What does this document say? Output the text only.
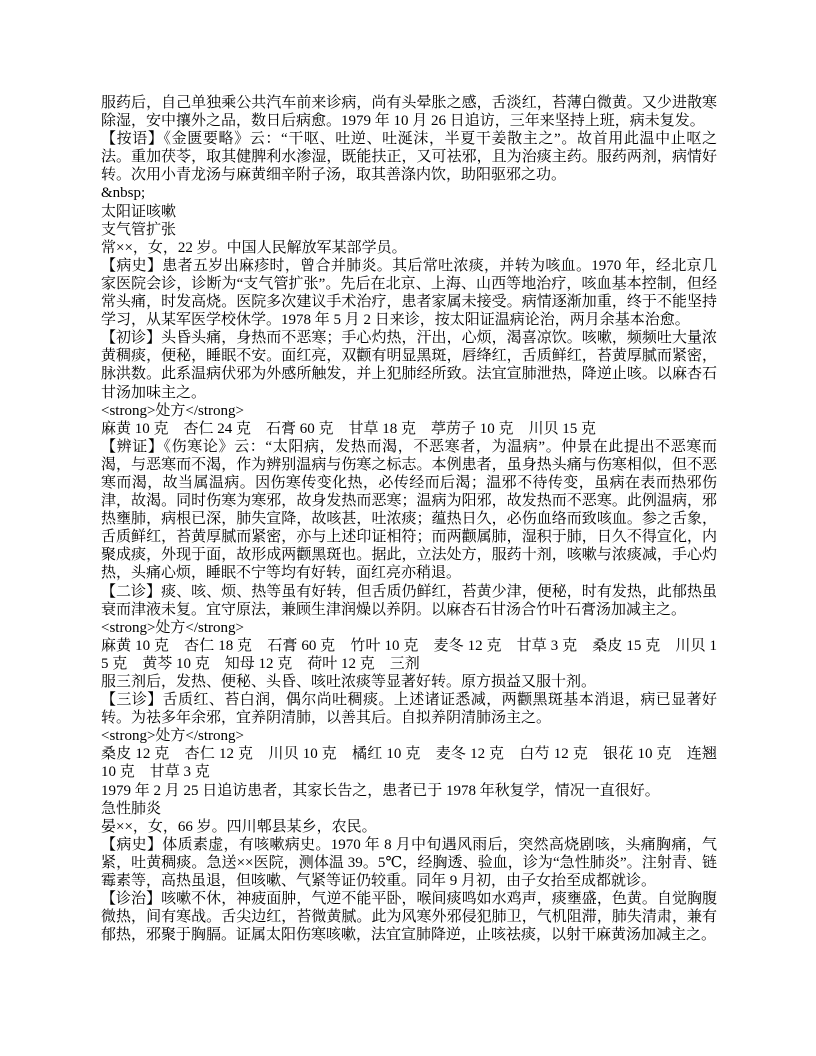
服药后，自己单独乘公共汽车前来诊病，尚有头晕胀之感，舌淡红，苔薄白微黄。又少进散寒除湿，安中攘外之品，数日后病愈。1979 年 10 月 26 日追访，三年来坚持上班，病未复发。

【按语】《金匮要略》云：“干呕、吐逆、吐涎沫，半夏干姜散主之”。故首用此温中止呕之法。重加茯苓，取其健脾利水渗湿，既能扶正，又可祛邪，且为治痰主药。服药两剂，病情好转。次用小青龙汤与麻黄细辛附子汤，取其善涤内饮，助阳驱邪之功。

&nbsp;

太阳证咳嗽

支气管扩张

常××，女，22 岁。中国人民解放军某部学员。

【病史】患者五岁出麻疹时，曾合并肺炎。其后常吐浓痰，并转为咳血。1970 年，经北京几家医院会诊，诊断为“支气管扩张”。先后在北京、上海、山西等地治疗，咳血基本控制，但经常头痛，时发高烧。医院多次建议手术治疗，患者家属未接受。病情逐渐加重，终于不能坚持学习，从某军医学校休学。1978 年 5 月 2 日来诊，按太阳证温病论治，两月余基本治愈。

【初诊】头昏头痛，身热而不恶寒；手心灼热，汗出，心烦，渴喜凉饮。咳嗽，频频吐大量浓黄稠痰，便秘，睡眠不安。面红亮，双颧有明显黑斑，唇绛红，舌质鲜红，苔黄厚腻而紧密，脉洪数。此系温病伏邪为外感所触发，并上犯肺经所致。法宜宣肺泄热，降逆止咳。以麻杏石甘汤加味主之。

<strong>处方</strong>

麻黄 10 克　杏仁 24 克　石膏 60 克　甘草 18 克　葶苈子 10 克　川贝 15 克

【辨证】《伤寒论》云：“太阳病，发热而渴，不恶寒者，为温病”。仲景在此提出不恶寒而渴，与恶寒而不渴，作为辨别温病与伤寒之标志。本例患者，虽身热头痛与伤寒相似，但不恶寒而渴，故当属温病。因伤寒传变化热，必传经而后渴；温邪不待传变，虽病在表而热邪伤津，故渴。同时伤寒为寒邪，故身发热而恶寒；温病为阳邪，故发热而不恶寒。此例温病，邪热壅肺，病根已深，肺失宣降，故咳甚，吐浓痰；蕴热日久，必伤血络而致咳血。参之舌象，舌质鲜红，苔黄厚腻而紧密，亦与上述印证相符；而两颧属肺，湿积于肺，日久不得宣化，内聚成痰，外现于面，故形成两颧黑斑也。据此，立法处方，服药十剂，咳嗽与浓痰减，手心灼热，头痛心烦，睡眠不宁等均有好转，面红亮亦稍退。

【二诊】痰、咳、烦、热等虽有好转，但舌质仍鲜红，苔黄少津，便秘，时有发热，此郁热虽衰而津液未复。宜守原法，兼顾生津润燥以养阴。以麻杏石甘汤合竹叶石膏汤加减主之。

<strong>处方</strong>

麻黄 10 克　杏仁 18 克　石膏 60 克　竹叶 10 克　麦冬 12 克　甘草 3 克　桑皮 15 克　川贝 15 克　黄芩 10 克　知母 12 克　荷叶 12 克　三剂

服三剂后，发热、便秘、头昏、咳吐浓痰等显著好转。原方损益又服十剂。

【三诊】舌质红、苔白润，偶尔尚吐稠痰。上述诸证悉减，两颧黑斑基本消退，病已显著好转。为祛多年余邪，宜养阴清肺，以善其后。自拟养阴清肺汤主之。

<strong>处方</strong>

桑皮 12 克　杏仁 12 克　川贝 10 克　橘红 10 克　麦冬 12 克　白芍 12 克　银花 10 克　连翘 10 克　甘草 3 克

1979 年 2 月 25 日追访患者，其家长告之，患者已于 1978 年秋复学，情况一直很好。

急性肺炎

晏××，女，66 岁。四川郫县某乡，农民。

【病史】体质素虚，有咳嗽病史。1970 年 8 月中旬遇风雨后，突然高烧剧咳，头痛胸痛，气紧，吐黄稠痰。急送××医院，测体温 39。5℃，经胸透、验血，诊为“急性肺炎”。注射青、链霉素等，高热虽退，但咳嗽、气紧等证仍较重。同年 9 月初，由子女抬至成都就诊。

【诊治】咳嗽不休，神疲面肿，气逆不能平卧，喉间痰鸣如水鸡声，痰壅盛，色黄。自觉胸腹微热，间有寒战。舌尖边红，苔微黄腻。此为风寒外邪侵犯肺卫，气机阻滞，肺失清肃，兼有郁热，邪聚于胸膈。证属太阳伤寒咳嗽，法宜宣肺降逆，止咳祛痰，以射干麻黄汤加减主之。
